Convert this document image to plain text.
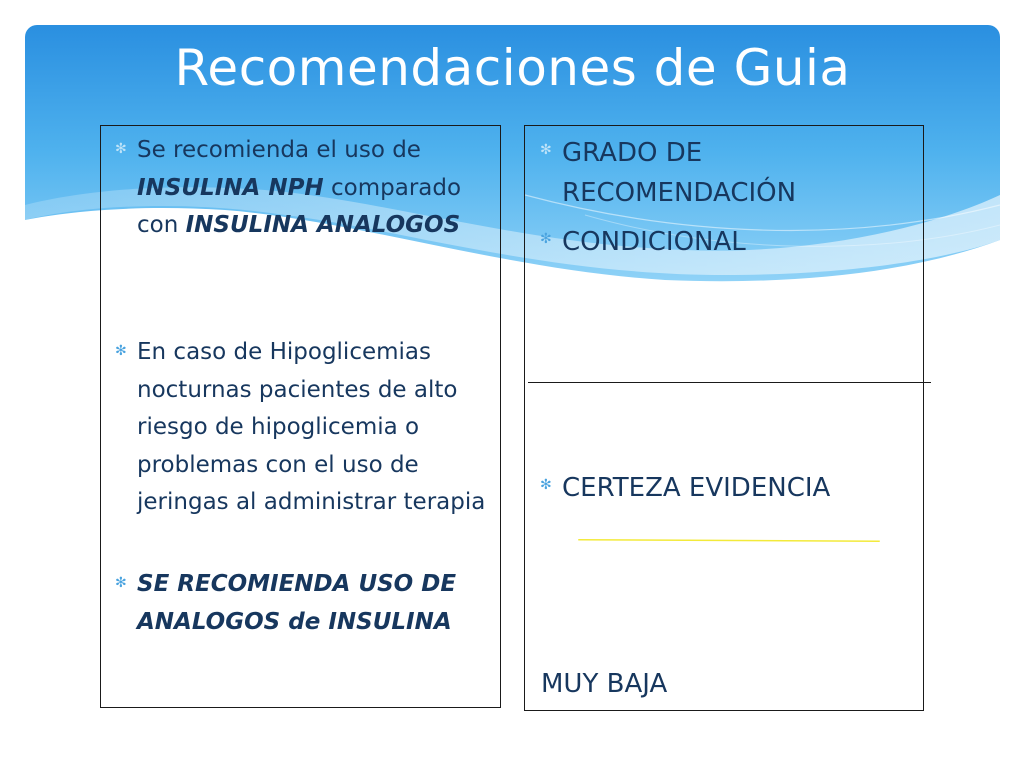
Recomendaciones de Guia
✻ Se recomienda el uso de INSULINA NPH comparado con INSULINA ANALOGOS
✻ En caso de Hipoglicemias nocturnas pacientes de alto riesgo de hipoglicemia o problemas con el uso de jeringas al administrar terapia
✻ SE RECOMIENDA USO DE ANALOGOS de INSULINA
✻ GRADO DE RECOMENDACIÓN
✻ CONDICIONAL
✻ CERTEZA EVIDENCIA
MUY BAJA
